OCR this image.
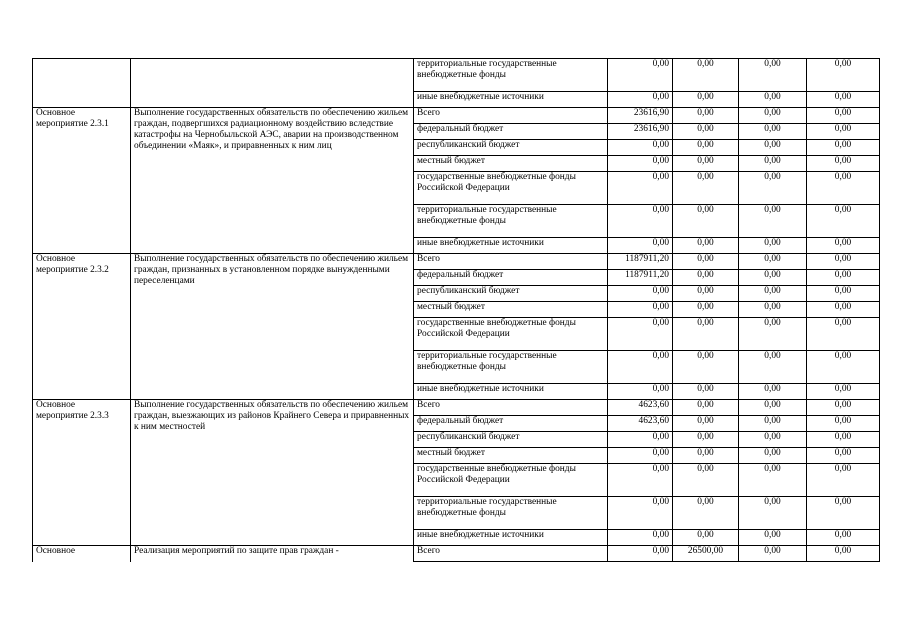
		территориальные государственные внебюджетные фонды	0,00	0,00	0,00	0,00
		иные внебюджетные источники	0,00	0,00	0,00	0,00
Основное мероприятие 2.3.1	Выполнение государственных обязательств по обеспечению жильем граждан, подвергшихся радиационному воздействию вследствие катастрофы на Чернобыльской АЭС, аварии на производственном объединении «Маяк», и приравненных к ним лиц	Всего	23616,90	0,00	0,00	0,00
		федеральный бюджет	23616,90	0,00	0,00	0,00
		республиканский бюджет	0,00	0,00	0,00	0,00
		местный бюджет	0,00	0,00	0,00	0,00
		государственные внебюджетные фонды Российской Федерации	0,00	0,00	0,00	0,00
		территориальные государственные внебюджетные фонды	0,00	0,00	0,00	0,00
		иные внебюджетные источники	0,00	0,00	0,00	0,00
Основное мероприятие 2.3.2	Выполнение государственных обязательств по обеспечению жильем граждан, признанных в установленном порядке вынужденными переселенцами	Всего	1187911,20	0,00	0,00	0,00
		федеральный бюджет	1187911,20	0,00	0,00	0,00
		республиканский бюджет	0,00	0,00	0,00	0,00
		местный бюджет	0,00	0,00	0,00	0,00
		государственные внебюджетные фонды Российской Федерации	0,00	0,00	0,00	0,00
		территориальные государственные внебюджетные фонды	0,00	0,00	0,00	0,00
		иные внебюджетные источники	0,00	0,00	0,00	0,00
Основное мероприятие 2.3.3	Выполнение государственных обязательств по обеспечению жильем граждан, выезжающих из районов Крайнего Севера и приравненных к ним местностей	Всего	4623,60	0,00	0,00	0,00
		федеральный бюджет	4623,60	0,00	0,00	0,00
		республиканский бюджет	0,00	0,00	0,00	0,00
		местный бюджет	0,00	0,00	0,00	0,00
		государственные внебюджетные фонды Российской Федерации	0,00	0,00	0,00	0,00
		территориальные государственные внебюджетные фонды	0,00	0,00	0,00	0,00
		иные внебюджетные источники	0,00	0,00	0,00	0,00
Основное	Реализация мероприятий по защите прав граждан -	Всего	0,00	26500,00	0,00	0,00
